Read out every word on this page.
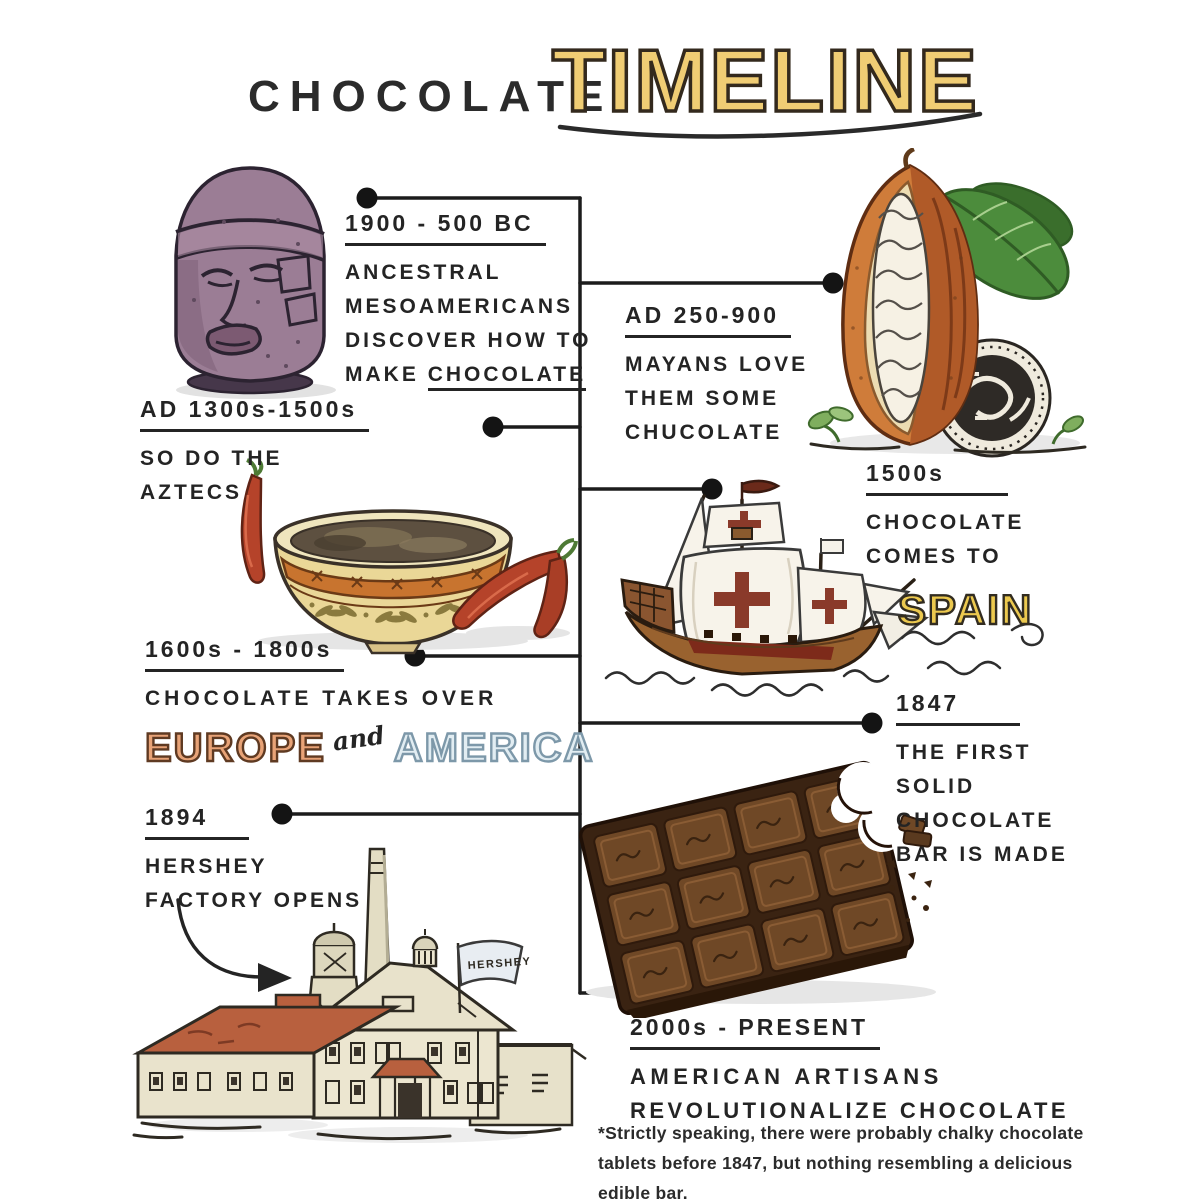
CHOCOLATE
TIMELINE
HERSHEY
1900 - 500 BC
ANCESTRAL
MESOAMERICANS
DISCOVER HOW TO
MAKE CHOCOLATE
AD 250-900
MAYANS LOVE
THEM SOME
CHUCOLATE
AD 1300s-1500s
SO DO THE
AZTECS
1500s
CHOCOLATE
COMES TO
SPAIN
1600s - 1800s
CHOCOLATE TAKES OVER
EUROPE and AMERICA
1847
THE FIRST
SOLID
CHOCOLATE
BAR IS MADE
1894
HERSHEY
FACTORY OPENS
2000s - PRESENT
AMERICAN ARTISANS
REVOLUTIONALIZE CHOCOLATE
*Strictly speaking, there were probably chalky chocolate
tablets before 1847, but nothing resembling a delicious
edible bar.
